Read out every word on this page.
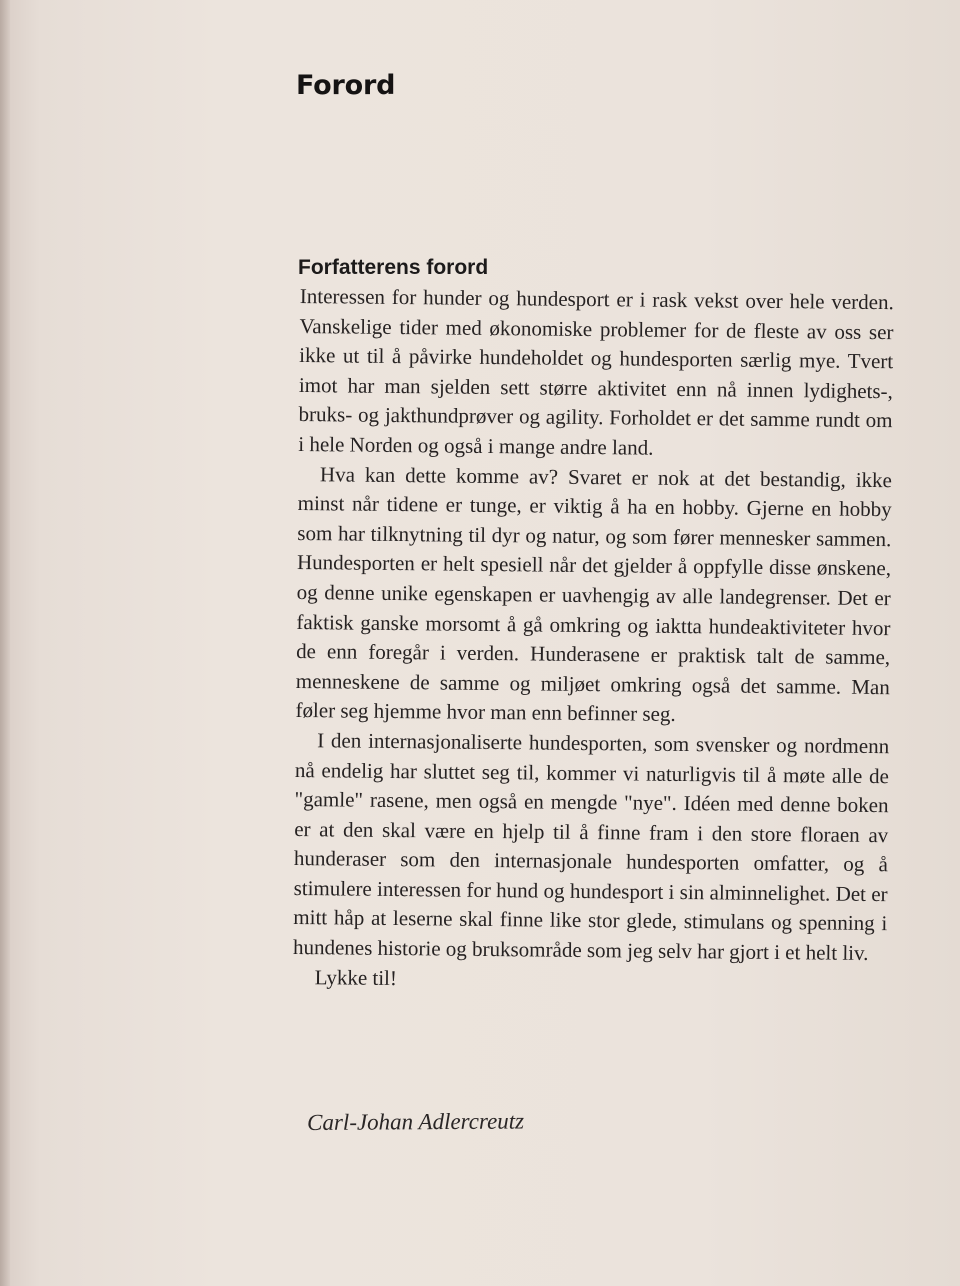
Forord
Forfatterens forord

Interessen for hunder og hundesport er i rask vekst over hele verden. Vanskelige tider med økonomiske problemer for de fleste av oss ser ikke ut til å påvirke hundeholdet og hundesporten særlig mye. Tvert imot har man sjelden sett større aktivitet enn nå innen lydighets-, bruks- og jakthundprøver og agility. Forholdet er det samme rundt om i hele Norden og også i mange andre land.

Hva kan dette komme av? Svaret er nok at det bestandig, ikke minst når tidene er tunge, er viktig å ha en hobby. Gjerne en hobby som har tilknytning til dyr og natur, og som fører mennesker sammen. Hundesporten er helt spesiell når det gjelder å oppfylle disse ønskene, og denne unike egenskapen er uavhengig av alle landegrenser. Det er faktisk ganske morsomt å gå omkring og iaktta hundeaktiviteter hvor de enn foregår i verden. Hunderasene er praktisk talt de samme, menneskene de samme og miljøet omkring også det samme. Man føler seg hjemme hvor man enn befinner seg.

I den internasjonaliserte hundesporten, som svensker og nordmenn nå endelig har sluttet seg til, kommer vi naturligvis til å møte alle de "gamle" rasene, men også en mengde "nye". Idéen med denne boken er at den skal være en hjelp til å finne fram i den store floraen av hunderaser som den internasjonale hundesporten omfatter, og å stimulere interessen for hund og hundesport i sin alminnelighet. Det er mitt håp at leserne skal finne like stor glede, stimulans og spenning i hundenes historie og bruksområde som jeg selv har gjort i et helt liv.

Lykke til!

Carl-Johan Adlercreutz
